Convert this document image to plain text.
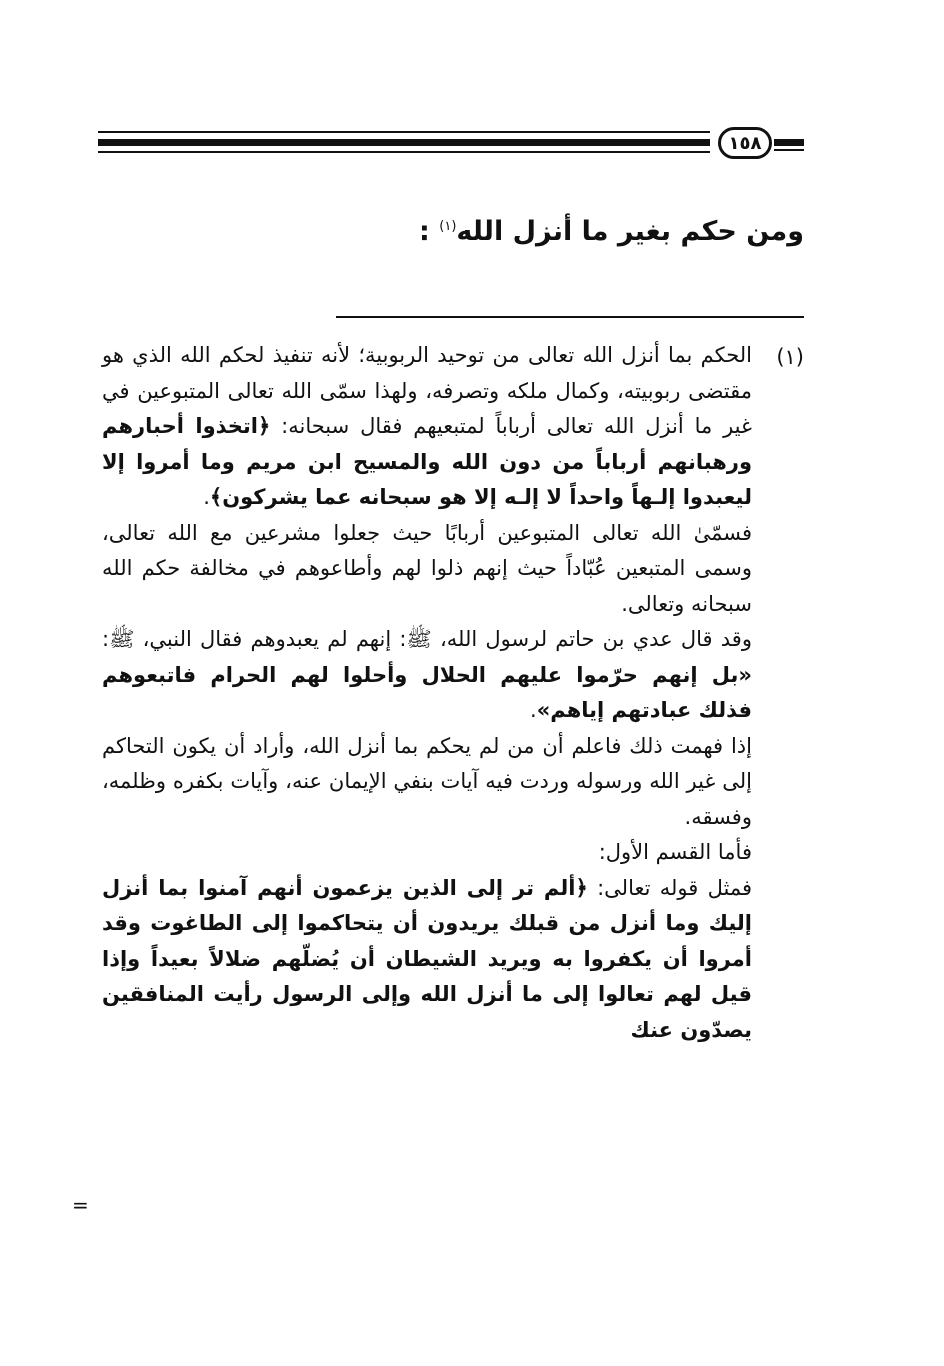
١٥٨
ومن حكم بغير ما أنزل الله$^{(١)}$ :
(١)

الحكم بما أنزل الله تعالى من توحيد الربوبية؛ لأنه تنفيذ لحكم الله الذي هو مقتضى ربوبيته، وكمال ملكه وتصرفه، ولهذا سمّى الله تعالى المتبوعين في غير ما أنزل الله تعالى أرباباً لمتبعيهم فقال سبحانه: ﴿اتخذوا أحبارهم ورهبانهم أرباباً من دون الله والمسيح ابن مريم وما أمروا إلا ليعبدوا إلـهاً واحداً لا إلـه إلا هو سبحانه عما يشركون﴾.

فسمّىٰ الله تعالى المتبوعين أربابًا حيث جعلوا مشرعين مع الله تعالى، وسمى المتبعين عُبّاداً حيث إنهم ذلوا لهم وأطاعوهم في مخالفة حكم الله سبحانه وتعالى.

وقد قال عدي بن حاتم لرسول الله، ﷺ: إنهم لم يعبدوهم فقال النبي، ﷺ: «بل إنهم حرّموا عليهم الحلال وأحلوا لهم الحرام فاتبعوهم فذلك عبادتهم إياهم».

إذا فهمت ذلك فاعلم أن من لم يحكم بما أنزل الله، وأراد أن يكون التحاكم إلى غير الله ورسوله وردت فيه آيات بنفي الإيمان عنه، وآيات بكفره وظلمه، وفسقه.

فأما القسم الأول:

فمثل قوله تعالى: ﴿ألم تر إلى الذين يزعمون أنهم آمنوا بما أنزل إليك وما أنزل من قبلك يريدون أن يتحاكموا إلى الطاغوت وقد أمروا أن يكفروا به ويريد الشيطان أن يُضلّهم ضلالاً بعيداً وإذا قيل لهم تعالوا إلى ما أنزل الله وإلى الرسول رأيت المنافقين يصدّون عنك

=
